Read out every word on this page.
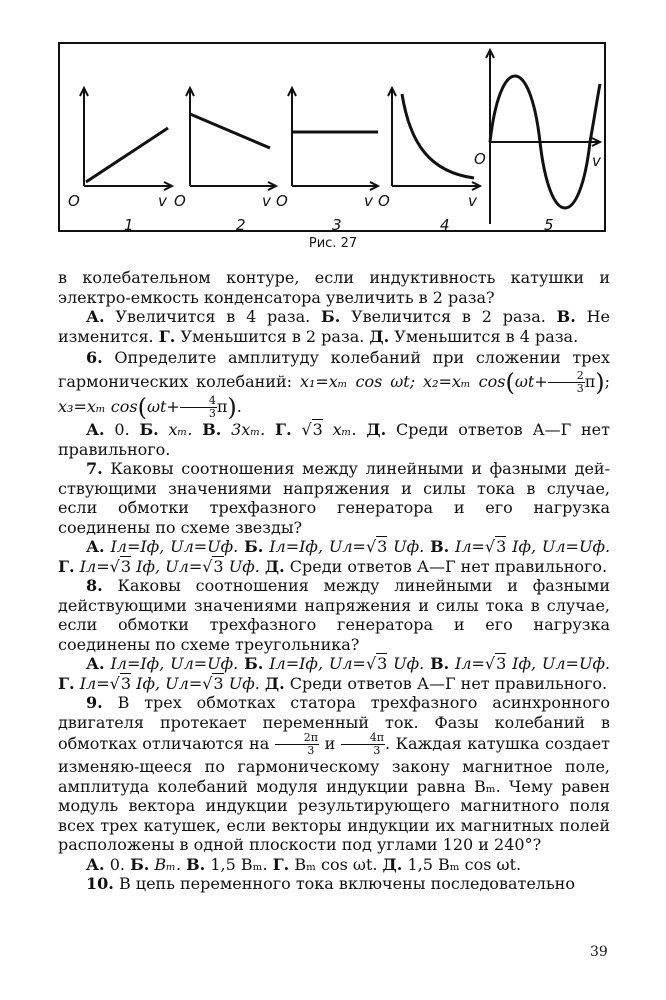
O	v
1
O	v
2
O	v
3
O	v
4
O	v
5
Рис. 27

в колебательном контуре, если индуктивность катушки и электро-емкость конденсатора увеличить в 2 раза?

А. Увеличится в 4 раза. Б. Увеличится в 2 раза. В. Не изменится. Г. Уменьшится в 2 раза. Д. Уменьшится в 4 раза.

6. Определите амплитуду колебаний при сложении трех гармонических колебаний: x₁=xₘ cos ωt; x₂=xₘ $\cos(\omega t+ \frac{2}{3} \pi)$; x₃=xₘ $\cos(\omega t+ \frac{4}{3} \pi)$.

А. 0. Б. xₘ. В. 3xₘ. Г. √3 xₘ. Д. Среди ответов А—Г нет правильного.

7. Каковы соотношения между линейными и фазными дей-ствующими значениями напряжения и силы тока в случае, если обмотки трехфазного генератора и его нагрузка соединены по схеме звезды?

А. Iл=Iф, Uл=Uф. Б. Iл=Iф, Uл=√3 Uф. В. Iл=√3 Iф, Uл=Uф. Г. Iл=√3 Iф, Uл=√3 Uф. Д. Среди ответов А—Г нет правильного.

8. Каковы соотношения между линейными и фазными действующими значениями напряжения и силы тока в случае, если обмотки трехфазного генератора и его нагрузка соединены по схеме треугольника?

А. Iл=Iф, Uл=Uф. Б. Iл=Iф, Uл=√3 Uф. В. Iл=√3 Iф, Uл=Uф. Г. Iл=√3 Iф, Uл=√3 Uф. Д. Среди ответов А—Г нет правильного.

9. В трех обмотках статора трехфазного асинхронного двигателя протекает переменный ток. Фазы колебаний в обмотках отличаются на $\frac{2\pi}{3}$ и $\frac{4\pi}{3}$ . Каждая катушка создает изменяю-щееся по гармоническому закону магнитное поле, амплитуда колебаний модуля индукции равна Bₘ. Чему равен модуль вектора индукции результирующего магнитного поля всех трех катушек, если векторы индукции их магнитных полей расположены в одной плоскости под углами 120 и 240°?

А. 0. Б. Bₘ. В. 1,5 Bₘ. Г. Bₘ cos ωt. Д. 1,5 Bₘ cos ωt.

10. В цепь переменного тока включены последовательно

39
